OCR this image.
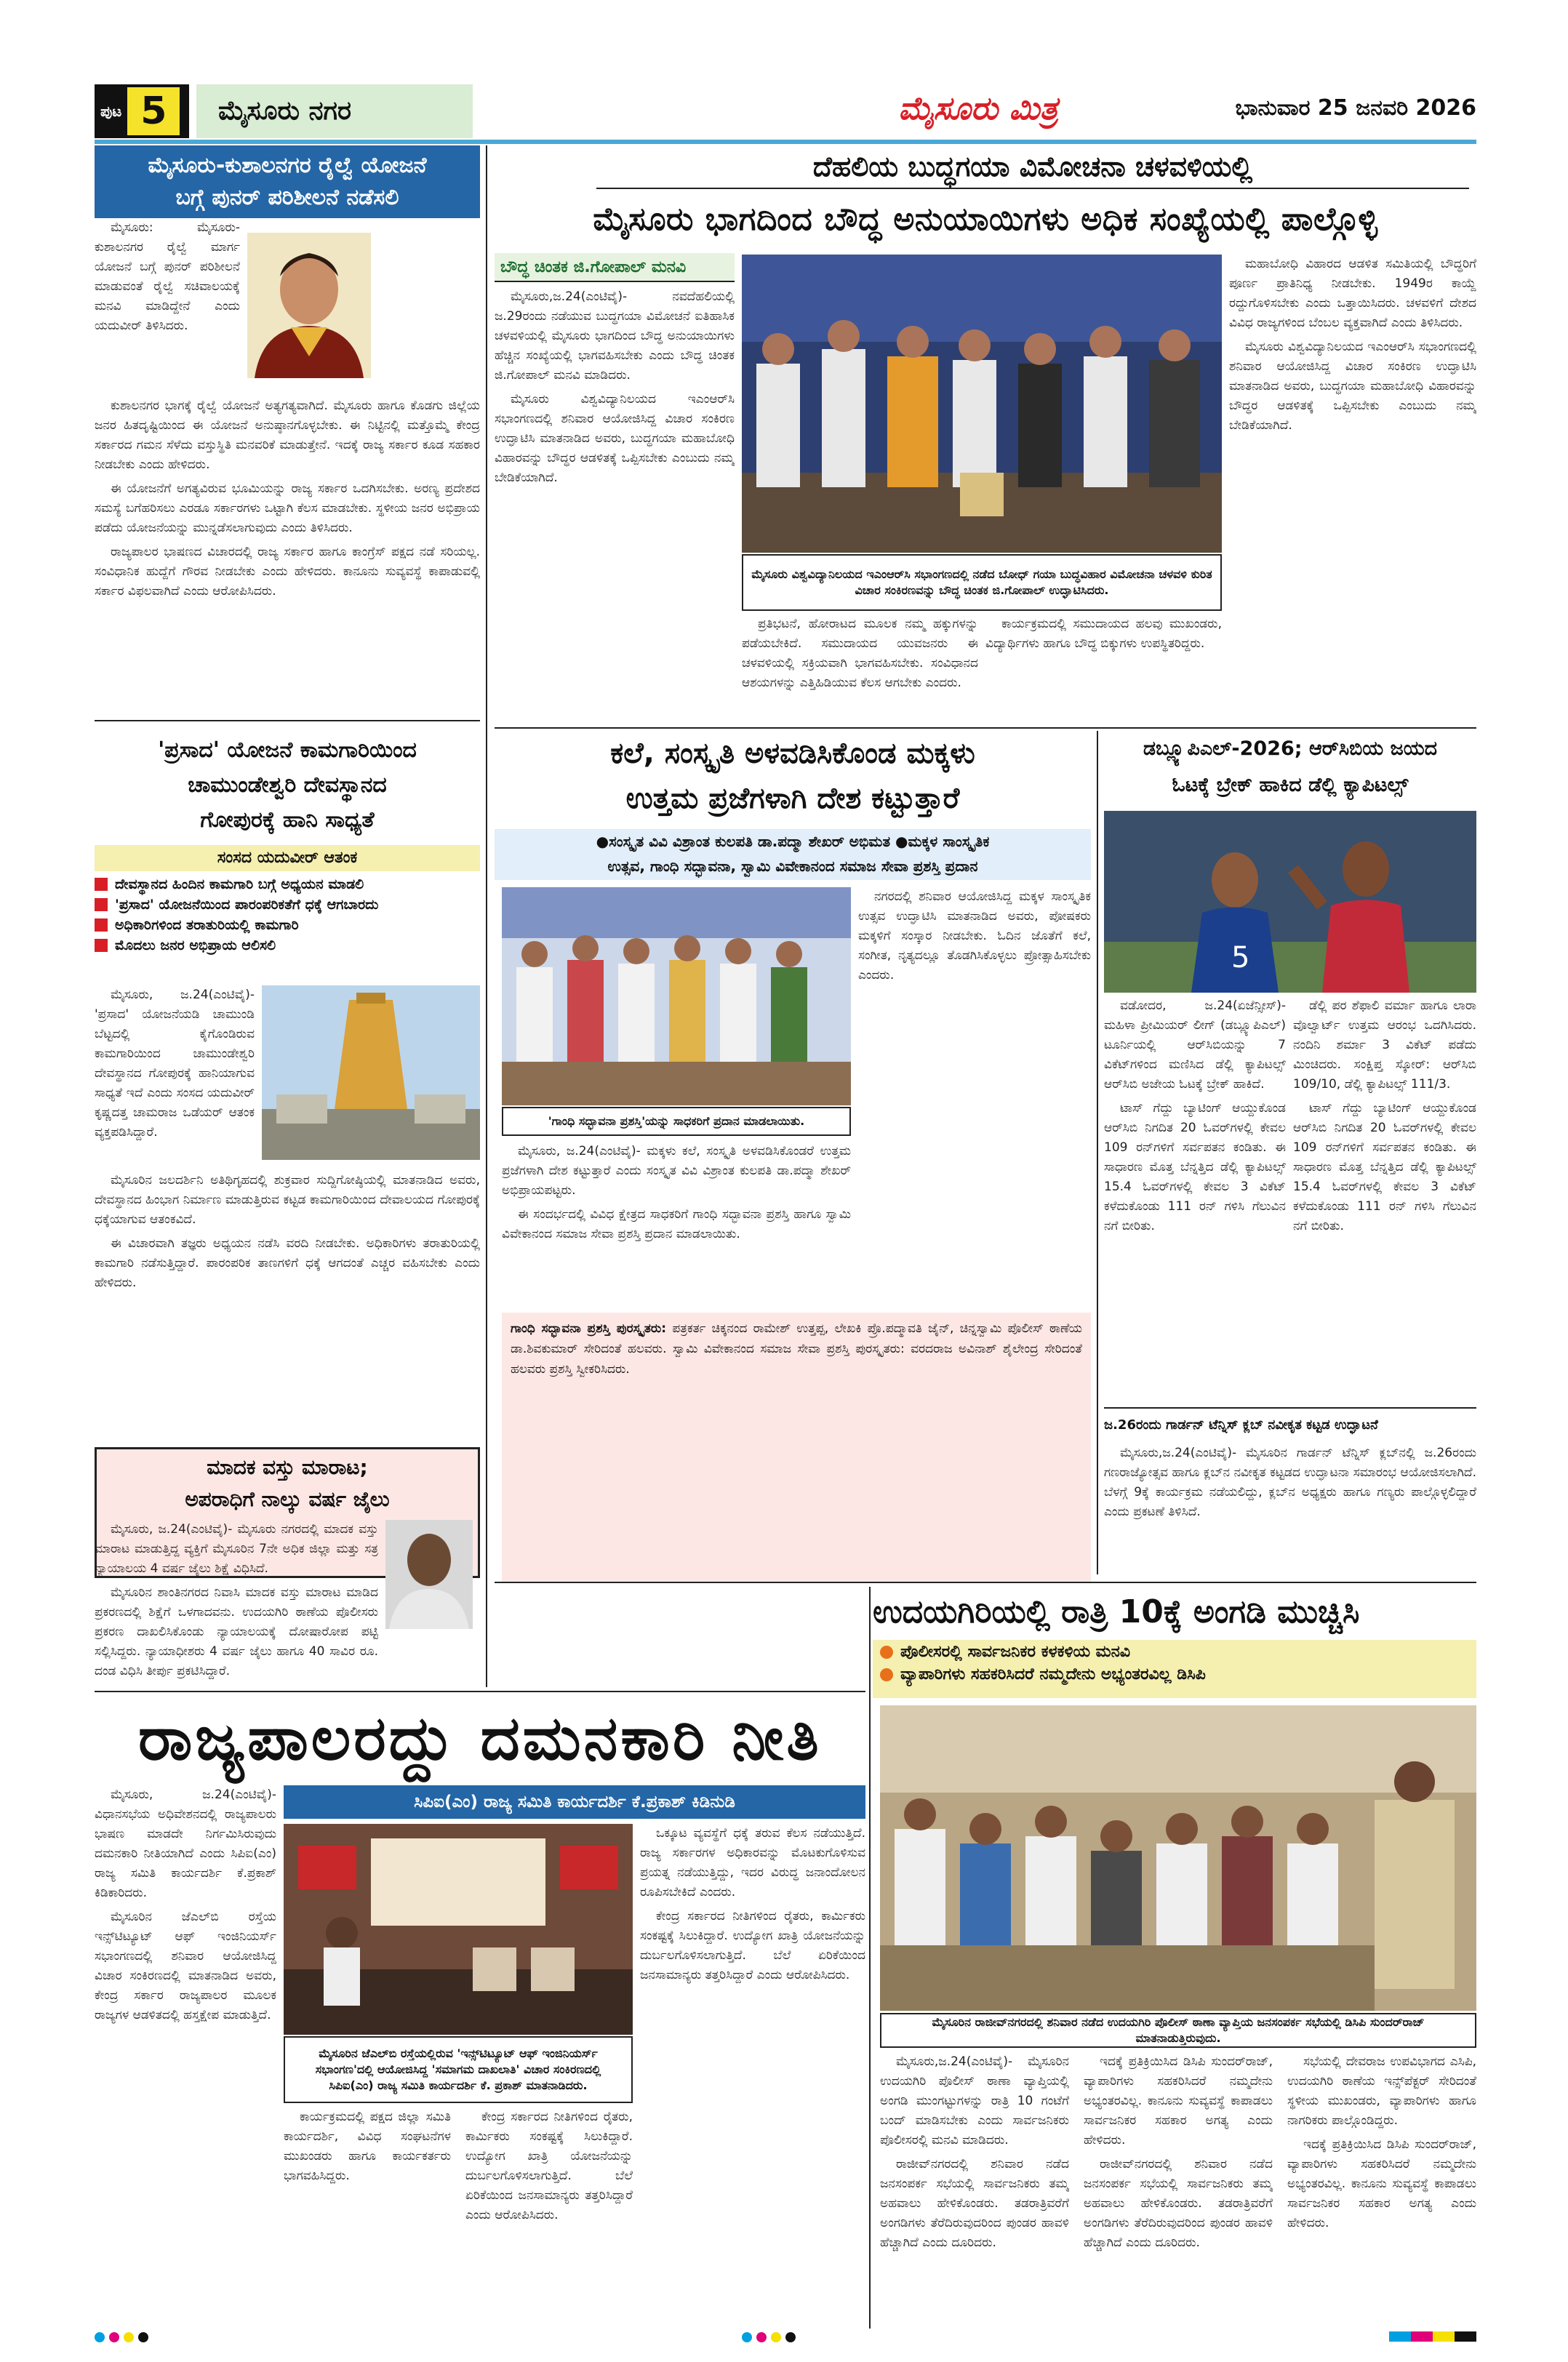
ಪುಟ 5	ಮೈಸೂರು ನಗರ	ಮೈಸೂರು ಮಿತ್ರ	ಭಾನುವಾರ 25 ಜನವರಿ 2026
ಮೈಸೂರು-ಕುಶಾಲನಗರ ರೈಲ್ವೆ ಯೋಜನೆ
ಬಗ್ಗೆ ಪುನರ್ ಪರಿಶೀಲನೆ ನಡೆಸಲಿ

ಮೈಸೂರು: ಮೈಸೂರು-ಕುಶಾಲನಗರ ರೈಲ್ವೆ ಮಾರ್ಗ ಯೋಜನೆ ಬಗ್ಗೆ ಪುನರ್ ಪರಿಶೀಲನೆ ಮಾಡುವಂತೆ ರೈಲ್ವೆ ಸಚಿವಾಲಯಕ್ಕೆ ಮನವಿ ಮಾಡಿದ್ದೇನೆ ಎಂದು ಯದುವೀರ್ ತಿಳಿಸಿದರು.

ಕುಶಾಲನಗರ ಭಾಗಕ್ಕೆ ರೈಲ್ವೆ ಯೋಜನೆ ಅತ್ಯಗತ್ಯವಾಗಿದೆ. ಮೈಸೂರು ಹಾಗೂ ಕೊಡಗು ಜಿಲ್ಲೆಯ ಜನರ ಹಿತದೃಷ್ಟಿಯಿಂದ ಈ ಯೋಜನೆ ಅನುಷ್ಠಾನಗೊಳ್ಳಬೇಕು. ಈ ನಿಟ್ಟಿನಲ್ಲಿ ಮತ್ತೊಮ್ಮೆ ಕೇಂದ್ರ ಸರ್ಕಾರದ ಗಮನ ಸೆಳೆದು ವಸ್ತುಸ್ಥಿತಿ ಮನವರಿಕೆ ಮಾಡುತ್ತೇನೆ. ಇದಕ್ಕೆ ರಾಜ್ಯ ಸರ್ಕಾರ ಕೂಡ ಸಹಕಾರ ನೀಡಬೇಕು ಎಂದು ಹೇಳಿದರು.

ಈ ಯೋಜನೆಗೆ ಅಗತ್ಯವಿರುವ ಭೂಮಿಯನ್ನು ರಾಜ್ಯ ಸರ್ಕಾರ ಒದಗಿಸಬೇಕು. ಅರಣ್ಯ ಪ್ರದೇಶದ ಸಮಸ್ಯೆ ಬಗೆಹರಿಸಲು ಎರಡೂ ಸರ್ಕಾರಗಳು ಒಟ್ಟಾಗಿ ಕೆಲಸ ಮಾಡಬೇಕು. ಸ್ಥಳೀಯ ಜನರ ಅಭಿಪ್ರಾಯ ಪಡೆದು ಯೋಜನೆಯನ್ನು ಮುನ್ನಡೆಸಲಾಗುವುದು ಎಂದು ತಿಳಿಸಿದರು.

ರಾಜ್ಯಪಾಲರ ಭಾಷಣದ ವಿಚಾರದಲ್ಲಿ ರಾಜ್ಯ ಸರ್ಕಾರ ಹಾಗೂ ಕಾಂಗ್ರೆಸ್ ಪಕ್ಷದ ನಡೆ ಸರಿಯಲ್ಲ. ಸಂವಿಧಾನಿಕ ಹುದ್ದೆಗೆ ಗೌರವ ನೀಡಬೇಕು ಎಂದು ಹೇಳಿದರು. ಕಾನೂನು ಸುವ್ಯವಸ್ಥೆ ಕಾಪಾಡುವಲ್ಲಿ ಸರ್ಕಾರ ವಿಫಲವಾಗಿದೆ ಎಂದು ಆರೋಪಿಸಿದರು.

'ಪ್ರಸಾದ' ಯೋಜನೆ ಕಾಮಗಾರಿಯಿಂದ
ಚಾಮುಂಡೇಶ್ವರಿ ದೇವಸ್ಥಾನದ
ಗೋಪುರಕ್ಕೆ ಹಾನಿ ಸಾಧ್ಯತೆ
ಸಂಸದ ಯದುವೀರ್ ಆತಂಕ
ದೇವಸ್ಥಾನದ ಹಿಂದಿನ ಕಾಮಗಾರಿ ಬಗ್ಗೆ ಅಧ್ಯಯನ ಮಾಡಲಿ
'ಪ್ರಸಾದ' ಯೋಜನೆಯಿಂದ ಪಾರಂಪರಿಕತೆಗೆ ಧಕ್ಕೆ ಆಗಬಾರದು
ಅಧಿಕಾರಿಗಳಿಂದ ತರಾತುರಿಯಲ್ಲಿ ಕಾಮಗಾರಿ
ಮೊದಲು ಜನರ ಅಭಿಪ್ರಾಯ ಆಲಿಸಲಿ

ಮೈಸೂರು, ಜ.24(ಎಂಟಿವೈ)- 'ಪ್ರಸಾದ' ಯೋಜನೆಯಡಿ ಚಾಮುಂಡಿ ಬೆಟ್ಟದಲ್ಲಿ ಕೈಗೊಂಡಿರುವ ಕಾಮಗಾರಿಯಿಂದ ಚಾಮುಂಡೇಶ್ವರಿ ದೇವಸ್ಥಾನದ ಗೋಪುರಕ್ಕೆ ಹಾನಿಯಾಗುವ ಸಾಧ್ಯತೆ ಇದೆ ಎಂದು ಸಂಸದ ಯದುವೀರ್ ಕೃಷ್ಣದತ್ತ ಚಾಮರಾಜ ಒಡೆಯರ್ ಆತಂಕ ವ್ಯಕ್ತಪಡಿಸಿದ್ದಾರೆ.

ಮೈಸೂರಿನ ಜಲದರ್ಶಿನಿ ಅತಿಥಿಗೃಹದಲ್ಲಿ ಶುಕ್ರವಾರ ಸುದ್ದಿಗೋಷ್ಠಿಯಲ್ಲಿ ಮಾತನಾಡಿದ ಅವರು, ದೇವಸ್ಥಾನದ ಹಿಂಭಾಗ ನಿರ್ಮಾಣ ಮಾಡುತ್ತಿರುವ ಕಟ್ಟಡ ಕಾಮಗಾರಿಯಿಂದ ದೇವಾಲಯದ ಗೋಪುರಕ್ಕೆ ಧಕ್ಕೆಯಾಗುವ ಆತಂಕವಿದೆ.

ಈ ವಿಚಾರವಾಗಿ ತಜ್ಞರು ಅಧ್ಯಯನ ನಡೆಸಿ ವರದಿ ನೀಡಬೇಕು. ಅಧಿಕಾರಿಗಳು ತರಾತುರಿಯಲ್ಲಿ ಕಾಮಗಾರಿ ನಡೆಸುತ್ತಿದ್ದಾರೆ. ಪಾರಂಪರಿಕ ತಾಣಗಳಿಗೆ ಧಕ್ಕೆ ಆಗದಂತೆ ಎಚ್ಚರ ವಹಿಸಬೇಕು ಎಂದು ಹೇಳಿದರು.

ಮಾದಕ ವಸ್ತು ಮಾರಾಟ;
ಅಪರಾಧಿಗೆ ನಾಲ್ಕು ವರ್ಷ ಜೈಲು

ಮೈಸೂರು, ಜ.24(ಎಂಟಿವೈ)- ಮೈಸೂರು ನಗರದಲ್ಲಿ ಮಾದಕ ವಸ್ತು ಮಾರಾಟ ಮಾಡುತ್ತಿದ್ದ ವ್ಯಕ್ತಿಗೆ ಮೈಸೂರಿನ 7ನೇ ಅಧಿಕ ಜಿಲ್ಲಾ ಮತ್ತು ಸತ್ರ ನ್ಯಾಯಾಲಯ 4 ವರ್ಷ ಜೈಲು ಶಿಕ್ಷೆ ವಿಧಿಸಿದೆ.

ಮೈಸೂರಿನ ಶಾಂತಿನಗರದ ನಿವಾಸಿ ಮಾದಕ ವಸ್ತು ಮಾರಾಟ ಮಾಡಿದ ಪ್ರಕರಣದಲ್ಲಿ ಶಿಕ್ಷೆಗೆ ಒಳಗಾದವನು. ಉದಯಗಿರಿ ಠಾಣೆಯ ಪೊಲೀಸರು ಪ್ರಕರಣ ದಾಖಲಿಸಿಕೊಂಡು ನ್ಯಾಯಾಲಯಕ್ಕೆ ದೋಷಾರೋಪ ಪಟ್ಟಿ ಸಲ್ಲಿಸಿದ್ದರು. ನ್ಯಾಯಾಧೀಶರು 4 ವರ್ಷ ಜೈಲು ಹಾಗೂ 40 ಸಾವಿರ ರೂ. ದಂಡ ವಿಧಿಸಿ ತೀರ್ಪು ಪ್ರಕಟಿಸಿದ್ದಾರೆ.

ದೆಹಲಿಯ ಬುದ್ಧಗಯಾ ವಿಮೋಚನಾ ಚಳವಳಿಯಲ್ಲಿ
ಮೈಸೂರು ಭಾಗದಿಂದ ಬೌದ್ಧ ಅನುಯಾಯಿಗಳು ಅಧಿಕ ಸಂಖ್ಯೆಯಲ್ಲಿ ಪಾಲ್ಗೊಳ್ಳಿ
ಬೌದ್ಧ ಚಿಂತಕ ಜಿ.ಗೋಪಾಲ್ ಮನವಿ

ಮೈಸೂರು,ಜ.24(ಎಂಟಿವೈ)- ನವದೆಹಲಿಯಲ್ಲಿ ಜ.29ರಂದು ನಡೆಯುವ ಬುದ್ಧಗಯಾ ವಿಮೋಚನೆ ಐತಿಹಾಸಿಕ ಚಳವಳಿಯಲ್ಲಿ ಮೈಸೂರು ಭಾಗದಿಂದ ಬೌದ್ಧ ಅನುಯಾಯಿಗಳು ಹೆಚ್ಚಿನ ಸಂಖ್ಯೆಯಲ್ಲಿ ಭಾಗವಹಿಸಬೇಕು ಎಂದು ಬೌದ್ಧ ಚಿಂತಕ ಜಿ.ಗೋಪಾಲ್ ಮನವಿ ಮಾಡಿದರು.

ಮೈಸೂರು ವಿಶ್ವವಿದ್ಯಾನಿಲಯದ ಇಎಂಆರ್‌ಸಿ ಸಭಾಂಗಣದಲ್ಲಿ ಶನಿವಾರ ಆಯೋಜಿಸಿದ್ದ ವಿಚಾರ ಸಂಕಿರಣ ಉದ್ಘಾಟಿಸಿ ಮಾತನಾಡಿದ ಅವರು, ಬುದ್ಧಗಯಾ ಮಹಾಬೋಧಿ ವಿಹಾರವನ್ನು ಬೌದ್ಧರ ಆಡಳಿತಕ್ಕೆ ಒಪ್ಪಿಸಬೇಕು ಎಂಬುದು ನಮ್ಮ ಬೇಡಿಕೆಯಾಗಿದೆ.

ಮೈಸೂರು ವಿಶ್ವವಿದ್ಯಾನಿಲಯದ ಇಎಂಆರ್‌ಸಿ ಸಭಾಂಗಣದಲ್ಲಿ ನಡೆದ ಬೋಧ್ ಗಯಾ ಬುದ್ಧವಿಹಾರ ವಿಮೋಚನಾ ಚಳವಳಿ ಕುರಿತ ವಿಚಾರ ಸಂಕಿರಣವನ್ನು ಬೌದ್ಧ ಚಿಂತಕ ಜಿ.ಗೋಪಾಲ್ ಉದ್ಘಾಟಿಸಿದರು.

ಪ್ರತಿಭಟನೆ, ಹೋರಾಟದ ಮೂಲಕ ನಮ್ಮ ಹಕ್ಕುಗಳನ್ನು ಪಡೆಯಬೇಕಿದೆ. ಸಮುದಾಯದ ಯುವಜನರು ಈ ಚಳವಳಿಯಲ್ಲಿ ಸಕ್ರಿಯವಾಗಿ ಭಾಗವಹಿಸಬೇಕು. ಸಂವಿಧಾನದ ಆಶಯಗಳನ್ನು ಎತ್ತಿಹಿಡಿಯುವ ಕೆಲಸ ಆಗಬೇಕು ಎಂದರು.

ಕಾರ್ಯಕ್ರಮದಲ್ಲಿ ಸಮುದಾಯದ ಹಲವು ಮುಖಂಡರು, ವಿದ್ಯಾರ್ಥಿಗಳು ಹಾಗೂ ಬೌದ್ಧ ಬಿಕ್ಕುಗಳು ಉಪಸ್ಥಿತರಿದ್ದರು.

ಮಹಾಬೋಧಿ ವಿಹಾರದ ಆಡಳಿತ ಸಮಿತಿಯಲ್ಲಿ ಬೌದ್ಧರಿಗೆ ಪೂರ್ಣ ಪ್ರಾತಿನಿಧ್ಯ ನೀಡಬೇಕು. 1949ರ ಕಾಯ್ದೆ ರದ್ದುಗೊಳಿಸಬೇಕು ಎಂದು ಒತ್ತಾಯಿಸಿದರು. ಚಳವಳಿಗೆ ದೇಶದ ವಿವಿಧ ರಾಜ್ಯಗಳಿಂದ ಬೆಂಬಲ ವ್ಯಕ್ತವಾಗಿದೆ ಎಂದು ತಿಳಿಸಿದರು.

ಮೈಸೂರು ವಿಶ್ವವಿದ್ಯಾನಿಲಯದ ಇಎಂಆರ್‌ಸಿ ಸಭಾಂಗಣದಲ್ಲಿ ಶನಿವಾರ ಆಯೋಜಿಸಿದ್ದ ವಿಚಾರ ಸಂಕಿರಣ ಉದ್ಘಾಟಿಸಿ ಮಾತನಾಡಿದ ಅವರು, ಬುದ್ಧಗಯಾ ಮಹಾಬೋಧಿ ವಿಹಾರವನ್ನು ಬೌದ್ಧರ ಆಡಳಿತಕ್ಕೆ ಒಪ್ಪಿಸಬೇಕು ಎಂಬುದು ನಮ್ಮ ಬೇಡಿಕೆಯಾಗಿದೆ.

ಕಲೆ, ಸಂಸ್ಕೃತಿ ಅಳವಡಿಸಿಕೊಂಡ ಮಕ್ಕಳು
ಉತ್ತಮ ಪ್ರಜೆಗಳಾಗಿ ದೇಶ ಕಟ್ಟುತ್ತಾರೆ
●ಸಂಸ್ಕೃತ ವಿವಿ ವಿಶ್ರಾಂತ ಕುಲಪತಿ ಡಾ.ಪದ್ಮಾ ಶೇಖರ್ ಅಭಿಮತ ●ಮಕ್ಕಳ ಸಾಂಸ್ಕೃತಿಕ
ಉತ್ಸವ, ಗಾಂಧಿ ಸದ್ಭಾವನಾ, ಸ್ವಾಮಿ ವಿವೇಕಾನಂದ ಸಮಾಜ ಸೇವಾ ಪ್ರಶಸ್ತಿ ಪ್ರದಾನ
'ಗಾಂಧಿ ಸದ್ಭಾವನಾ ಪ್ರಶಸ್ತಿ'ಯನ್ನು ಸಾಧಕರಿಗೆ ಪ್ರದಾನ ಮಾಡಲಾಯಿತು.

ನಗರದಲ್ಲಿ ಶನಿವಾರ ಆಯೋಜಿಸಿದ್ದ ಮಕ್ಕಳ ಸಾಂಸ್ಕೃತಿಕ ಉತ್ಸವ ಉದ್ಘಾಟಿಸಿ ಮಾತನಾಡಿದ ಅವರು, ಪೋಷಕರು ಮಕ್ಕಳಿಗೆ ಸಂಸ್ಕಾರ ನೀಡಬೇಕು. ಓದಿನ ಜೊತೆಗೆ ಕಲೆ, ಸಂಗೀತ, ನೃತ್ಯದಲ್ಲೂ ತೊಡಗಿಸಿಕೊಳ್ಳಲು ಪ್ರೋತ್ಸಾಹಿಸಬೇಕು ಎಂದರು.

ಮೈಸೂರು, ಜ.24(ಎಂಟಿವೈ)- ಮಕ್ಕಳು ಕಲೆ, ಸಂಸ್ಕೃತಿ ಅಳವಡಿಸಿಕೊಂಡರೆ ಉತ್ತಮ ಪ್ರಜೆಗಳಾಗಿ ದೇಶ ಕಟ್ಟುತ್ತಾರೆ ಎಂದು ಸಂಸ್ಕೃತ ವಿವಿ ವಿಶ್ರಾಂತ ಕುಲಪತಿ ಡಾ.ಪದ್ಮಾ ಶೇಖರ್ ಅಭಿಪ್ರಾಯಪಟ್ಟರು.

ಈ ಸಂದರ್ಭದಲ್ಲಿ ವಿವಿಧ ಕ್ಷೇತ್ರದ ಸಾಧಕರಿಗೆ ಗಾಂಧಿ ಸದ್ಭಾವನಾ ಪ್ರಶಸ್ತಿ ಹಾಗೂ ಸ್ವಾಮಿ ವಿವೇಕಾನಂದ ಸಮಾಜ ಸೇವಾ ಪ್ರಶಸ್ತಿ ಪ್ರದಾನ ಮಾಡಲಾಯಿತು.

ಗಾಂಧಿ ಸದ್ಭಾವನಾ ಪ್ರಶಸ್ತಿ ಪುರಸ್ಕೃತರು: ಪತ್ರಕರ್ತ ಚಿಕ್ಕನಂದ ರಾಮೇಶ್ ಉತ್ತಪ್ಪ, ಲೇಖಕಿ ಪ್ರೊ.ಪದ್ಮಾವತಿ ಜೈನ್, ಚಿನ್ನಸ್ವಾಮಿ ಪೊಲೀಸ್ ಠಾಣೆಯ ಡಾ.ಶಿವಕುಮಾರ್ ಸೇರಿದಂತೆ ಹಲವರು. ಸ್ವಾಮಿ ವಿವೇಕಾನಂದ ಸಮಾಜ ಸೇವಾ ಪ್ರಶಸ್ತಿ ಪುರಸ್ಕೃತರು: ವರದರಾಜ ಅವಿನಾಶ್ ಶೈಲೇಂದ್ರ ಸೇರಿದಂತೆ ಹಲವರು ಪ್ರಶಸ್ತಿ ಸ್ವೀಕರಿಸಿದರು.
ಡಬ್ಲ್ಯೂಪಿಎಲ್-2026; ಆರ್‌ಸಿಬಿಯ ಜಯದ
ಓಟಕ್ಕೆ ಬ್ರೇಕ್ ಹಾಕಿದ ಡೆಲ್ಲಿ ಕ್ಯಾಪಿಟಲ್ಸ್
5

ವಡೋದರ, ಜ.24(ಏಜೆನ್ಸೀಸ್)- ಮಹಿಳಾ ಪ್ರೀಮಿಯರ್ ಲೀಗ್ (ಡಬ್ಲ್ಯೂಪಿಎಲ್) ಟೂರ್ನಿಯಲ್ಲಿ ಆರ್‌ಸಿಬಿಯನ್ನು 7 ವಿಕೆಟ್‌ಗಳಿಂದ ಮಣಿಸಿದ ಡೆಲ್ಲಿ ಕ್ಯಾಪಿಟಲ್ಸ್ ಆರ್‌ಸಿಬಿ ಅಜೇಯ ಓಟಕ್ಕೆ ಬ್ರೇಕ್ ಹಾಕಿದೆ.

ಟಾಸ್ ಗೆದ್ದು ಬ್ಯಾಟಿಂಗ್ ಆಯ್ದುಕೊಂಡ ಆರ್‌ಸಿಬಿ ನಿಗದಿತ 20 ಓವರ್‌ಗಳಲ್ಲಿ ಕೇವಲ 109 ರನ್‌ಗಳಿಗೆ ಸರ್ವಪತನ ಕಂಡಿತು. ಈ ಸಾಧಾರಣ ಮೊತ್ತ ಬೆನ್ನತ್ತಿದ ಡೆಲ್ಲಿ ಕ್ಯಾಪಿಟಲ್ಸ್ 15.4 ಓವರ್‌ಗಳಲ್ಲಿ ಕೇವಲ 3 ವಿಕೆಟ್ ಕಳೆದುಕೊಂಡು 111 ರನ್ ಗಳಿಸಿ ಗೆಲುವಿನ ನಗೆ ಬೀರಿತು.

ಡೆಲ್ಲಿ ಪರ ಶೆಫಾಲಿ ವರ್ಮಾ ಹಾಗೂ ಲಾರಾ ವೊಲ್ವಾರ್ಟ್ ಉತ್ತಮ ಆರಂಭ ಒದಗಿಸಿದರು. ನಂದಿನಿ ಶರ್ಮಾ 3 ವಿಕೆಟ್ ಪಡೆದು ಮಿಂಚಿದರು. ಸಂಕ್ಷಿಪ್ತ ಸ್ಕೋರ್: ಆರ್‌ಸಿಬಿ 109/10, ಡೆಲ್ಲಿ ಕ್ಯಾಪಿಟಲ್ಸ್ 111/3.

ಟಾಸ್ ಗೆದ್ದು ಬ್ಯಾಟಿಂಗ್ ಆಯ್ದುಕೊಂಡ ಆರ್‌ಸಿಬಿ ನಿಗದಿತ 20 ಓವರ್‌ಗಳಲ್ಲಿ ಕೇವಲ 109 ರನ್‌ಗಳಿಗೆ ಸರ್ವಪತನ ಕಂಡಿತು. ಈ ಸಾಧಾರಣ ಮೊತ್ತ ಬೆನ್ನತ್ತಿದ ಡೆಲ್ಲಿ ಕ್ಯಾಪಿಟಲ್ಸ್ 15.4 ಓವರ್‌ಗಳಲ್ಲಿ ಕೇವಲ 3 ವಿಕೆಟ್ ಕಳೆದುಕೊಂಡು 111 ರನ್ ಗಳಿಸಿ ಗೆಲುವಿನ ನಗೆ ಬೀರಿತು.

ಜ.26ರಂದು ಗಾರ್ಡನ್ ಟೆನ್ನಿಸ್ ಕ್ಲಬ್ ನವೀಕೃತ ಕಟ್ಟಡ ಉದ್ಘಾಟನೆ

ಮೈಸೂರು,ಜ.24(ಎಂಟಿವೈ)- ಮೈಸೂರಿನ ಗಾರ್ಡನ್ ಟೆನ್ನಿಸ್ ಕ್ಲಬ್‌ನಲ್ಲಿ ಜ.26ರಂದು ಗಣರಾಜ್ಯೋತ್ಸವ ಹಾಗೂ ಕ್ಲಬ್‌ನ ನವೀಕೃತ ಕಟ್ಟಡದ ಉದ್ಘಾಟನಾ ಸಮಾರಂಭ ಆಯೋಜಿಸಲಾಗಿದೆ. ಬೆಳಗ್ಗೆ 9ಕ್ಕೆ ಕಾರ್ಯಕ್ರಮ ನಡೆಯಲಿದ್ದು, ಕ್ಲಬ್‌ನ ಅಧ್ಯಕ್ಷರು ಹಾಗೂ ಗಣ್ಯರು ಪಾಲ್ಗೊಳ್ಳಲಿದ್ದಾರೆ ಎಂದು ಪ್ರಕಟಣೆ ತಿಳಿಸಿದೆ.

ಉದಯಗಿರಿಯಲ್ಲಿ ರಾತ್ರಿ 10ಕ್ಕೆ ಅಂಗಡಿ ಮುಚ್ಚಿಸಿ
ಪೊಲೀಸರಲ್ಲಿ ಸಾರ್ವಜನಿಕರ ಕಳಕಳಿಯ ಮನವಿ
ವ್ಯಾಪಾರಿಗಳು ಸಹಕರಿಸಿದರೆ ನಮ್ಮದೇನು ಅಭ್ಯಂತರವಿಲ್ಲ ಡಿಸಿಪಿ
ಮೈಸೂರಿನ ರಾಜೀವ್‌ನಗರದಲ್ಲಿ ಶನಿವಾರ ನಡೆದ ಉದಯಗಿರಿ ಪೊಲೀಸ್ ಠಾಣಾ ವ್ಯಾಪ್ತಿಯ ಜನಸಂಪರ್ಕ ಸಭೆಯಲ್ಲಿ ಡಿಸಿಪಿ ಸುಂದರ್‌ರಾಜ್ ಮಾತನಾಡುತ್ತಿರುವುದು.

ಮೈಸೂರು,ಜ.24(ಎಂಟಿವೈ)- ಮೈಸೂರಿನ ಉದಯಗಿರಿ ಪೊಲೀಸ್ ಠಾಣಾ ವ್ಯಾಪ್ತಿಯಲ್ಲಿ ಅಂಗಡಿ ಮುಂಗಟ್ಟುಗಳನ್ನು ರಾತ್ರಿ 10 ಗಂಟೆಗೆ ಬಂದ್ ಮಾಡಿಸಬೇಕು ಎಂದು ಸಾರ್ವಜನಿಕರು ಪೊಲೀಸರಲ್ಲಿ ಮನವಿ ಮಾಡಿದರು.

ರಾಜೀವ್‌ನಗರದಲ್ಲಿ ಶನಿವಾರ ನಡೆದ ಜನಸಂಪರ್ಕ ಸಭೆಯಲ್ಲಿ ಸಾರ್ವಜನಿಕರು ತಮ್ಮ ಅಹವಾಲು ಹೇಳಿಕೊಂಡರು. ತಡರಾತ್ರಿವರೆಗೆ ಅಂಗಡಿಗಳು ತೆರೆದಿರುವುದರಿಂದ ಪುಂಡರ ಹಾವಳಿ ಹೆಚ್ಚಾಗಿದೆ ಎಂದು ದೂರಿದರು.

ಇದಕ್ಕೆ ಪ್ರತಿಕ್ರಿಯಿಸಿದ ಡಿಸಿಪಿ ಸುಂದರ್‌ರಾಜ್, ವ್ಯಾಪಾರಿಗಳು ಸಹಕರಿಸಿದರೆ ನಮ್ಮದೇನು ಅಭ್ಯಂತರವಿಲ್ಲ. ಕಾನೂನು ಸುವ್ಯವಸ್ಥೆ ಕಾಪಾಡಲು ಸಾರ್ವಜನಿಕರ ಸಹಕಾರ ಅಗತ್ಯ ಎಂದು ಹೇಳಿದರು.

ರಾಜೀವ್‌ನಗರದಲ್ಲಿ ಶನಿವಾರ ನಡೆದ ಜನಸಂಪರ್ಕ ಸಭೆಯಲ್ಲಿ ಸಾರ್ವಜನಿಕರು ತಮ್ಮ ಅಹವಾಲು ಹೇಳಿಕೊಂಡರು. ತಡರಾತ್ರಿವರೆಗೆ ಅಂಗಡಿಗಳು ತೆರೆದಿರುವುದರಿಂದ ಪುಂಡರ ಹಾವಳಿ ಹೆಚ್ಚಾಗಿದೆ ಎಂದು ದೂರಿದರು.

ಸಭೆಯಲ್ಲಿ ದೇವರಾಜ ಉಪವಿಭಾಗದ ಎಸಿಪಿ, ಉದಯಗಿರಿ ಠಾಣೆಯ ಇನ್ಸ್‌ಪೆಕ್ಟರ್ ಸೇರಿದಂತೆ ಸ್ಥಳೀಯ ಮುಖಂಡರು, ವ್ಯಾಪಾರಿಗಳು ಹಾಗೂ ನಾಗರಿಕರು ಪಾಲ್ಗೊಂಡಿದ್ದರು.

ಇದಕ್ಕೆ ಪ್ರತಿಕ್ರಿಯಿಸಿದ ಡಿಸಿಪಿ ಸುಂದರ್‌ರಾಜ್, ವ್ಯಾಪಾರಿಗಳು ಸಹಕರಿಸಿದರೆ ನಮ್ಮದೇನು ಅಭ್ಯಂತರವಿಲ್ಲ. ಕಾನೂನು ಸುವ್ಯವಸ್ಥೆ ಕಾಪಾಡಲು ಸಾರ್ವಜನಿಕರ ಸಹಕಾರ ಅಗತ್ಯ ಎಂದು ಹೇಳಿದರು.

ರಾಜ್ಯಪಾಲರದ್ದು ದಮನಕಾರಿ ನೀತಿ

ಮೈಸೂರು, ಜ.24(ಎಂಟಿವೈ)- ವಿಧಾನಸಭೆಯ ಅಧಿವೇಶನದಲ್ಲಿ ರಾಜ್ಯಪಾಲರು ಭಾಷಣ ಮಾಡದೇ ನಿರ್ಗಮಿಸಿರುವುದು ದಮನಕಾರಿ ನೀತಿಯಾಗಿದೆ ಎಂದು ಸಿಪಿಐ(ಎಂ) ರಾಜ್ಯ ಸಮಿತಿ ಕಾರ್ಯದರ್ಶಿ ಕೆ.ಪ್ರಕಾಶ್ ಕಿಡಿಕಾರಿದರು.

ಮೈಸೂರಿನ ಜೆಎಲ್‌ಬಿ ರಸ್ತೆಯ ಇನ್ಸ್‌ಟಿಟ್ಯೂಟ್ ಆಫ್ ಇಂಜಿನಿಯರ್ಸ್ ಸಭಾಂಗಣದಲ್ಲಿ ಶನಿವಾರ ಆಯೋಜಿಸಿದ್ದ ವಿಚಾರ ಸಂಕಿರಣದಲ್ಲಿ ಮಾತನಾಡಿದ ಅವರು, ಕೇಂದ್ರ ಸರ್ಕಾರ ರಾಜ್ಯಪಾಲರ ಮೂಲಕ ರಾಜ್ಯಗಳ ಆಡಳಿತದಲ್ಲಿ ಹಸ್ತಕ್ಷೇಪ ಮಾಡುತ್ತಿದೆ.

ಸಿಪಿಐ(ಎಂ) ರಾಜ್ಯ ಸಮಿತಿ ಕಾರ್ಯದರ್ಶಿ ಕೆ.ಪ್ರಕಾಶ್ ಕಿಡಿನುಡಿ
ಮೈಸೂರಿನ ಜೆಎಲ್‌ಬಿ ರಸ್ತೆಯಲ್ಲಿರುವ 'ಇನ್ಸ್‌ಟಿಟ್ಯೂಟ್ ಆಫ್ ಇಂಜಿನಿಯರ್ಸ್ ಸಭಾಂಗಣ'ದಲ್ಲಿ ಆಯೋಜಿಸಿದ್ದ 'ಸಮಾಗಮ ದಾಖಲಾತಿ' ವಿಚಾರ ಸಂಕಿರಣದಲ್ಲಿ ಸಿಪಿಐ(ಎಂ) ರಾಜ್ಯ ಸಮಿತಿ ಕಾರ್ಯದರ್ಶಿ ಕೆ. ಪ್ರಕಾಶ್ ಮಾತನಾಡಿದರು.

ಒಕ್ಕೂಟ ವ್ಯವಸ್ಥೆಗೆ ಧಕ್ಕೆ ತರುವ ಕೆಲಸ ನಡೆಯುತ್ತಿದೆ. ರಾಜ್ಯ ಸರ್ಕಾರಗಳ ಅಧಿಕಾರವನ್ನು ಮೊಟಕುಗೊಳಿಸುವ ಪ್ರಯತ್ನ ನಡೆಯುತ್ತಿದ್ದು, ಇದರ ವಿರುದ್ಧ ಜನಾಂದೋಲನ ರೂಪಿಸಬೇಕಿದೆ ಎಂದರು.

ಕೇಂದ್ರ ಸರ್ಕಾರದ ನೀತಿಗಳಿಂದ ರೈತರು, ಕಾರ್ಮಿಕರು ಸಂಕಷ್ಟಕ್ಕೆ ಸಿಲುಕಿದ್ದಾರೆ. ಉದ್ಯೋಗ ಖಾತ್ರಿ ಯೋಜನೆಯನ್ನು ದುರ್ಬಲಗೊಳಿಸಲಾಗುತ್ತಿದೆ. ಬೆಲೆ ಏರಿಕೆಯಿಂದ ಜನಸಾಮಾನ್ಯರು ತತ್ತರಿಸಿದ್ದಾರೆ ಎಂದು ಆರೋಪಿಸಿದರು.

ಕಾರ್ಯಕ್ರಮದಲ್ಲಿ ಪಕ್ಷದ ಜಿಲ್ಲಾ ಸಮಿತಿ ಕಾರ್ಯದರ್ಶಿ, ವಿವಿಧ ಸಂಘಟನೆಗಳ ಮುಖಂಡರು ಹಾಗೂ ಕಾರ್ಯಕರ್ತರು ಭಾಗವಹಿಸಿದ್ದರು.

ಕೇಂದ್ರ ಸರ್ಕಾರದ ನೀತಿಗಳಿಂದ ರೈತರು, ಕಾರ್ಮಿಕರು ಸಂಕಷ್ಟಕ್ಕೆ ಸಿಲುಕಿದ್ದಾರೆ. ಉದ್ಯೋಗ ಖಾತ್ರಿ ಯೋಜನೆಯನ್ನು ದುರ್ಬಲಗೊಳಿಸಲಾಗುತ್ತಿದೆ. ಬೆಲೆ ಏರಿಕೆಯಿಂದ ಜನಸಾಮಾನ್ಯರು ತತ್ತರಿಸಿದ್ದಾರೆ ಎಂದು ಆರೋಪಿಸಿದರು.
